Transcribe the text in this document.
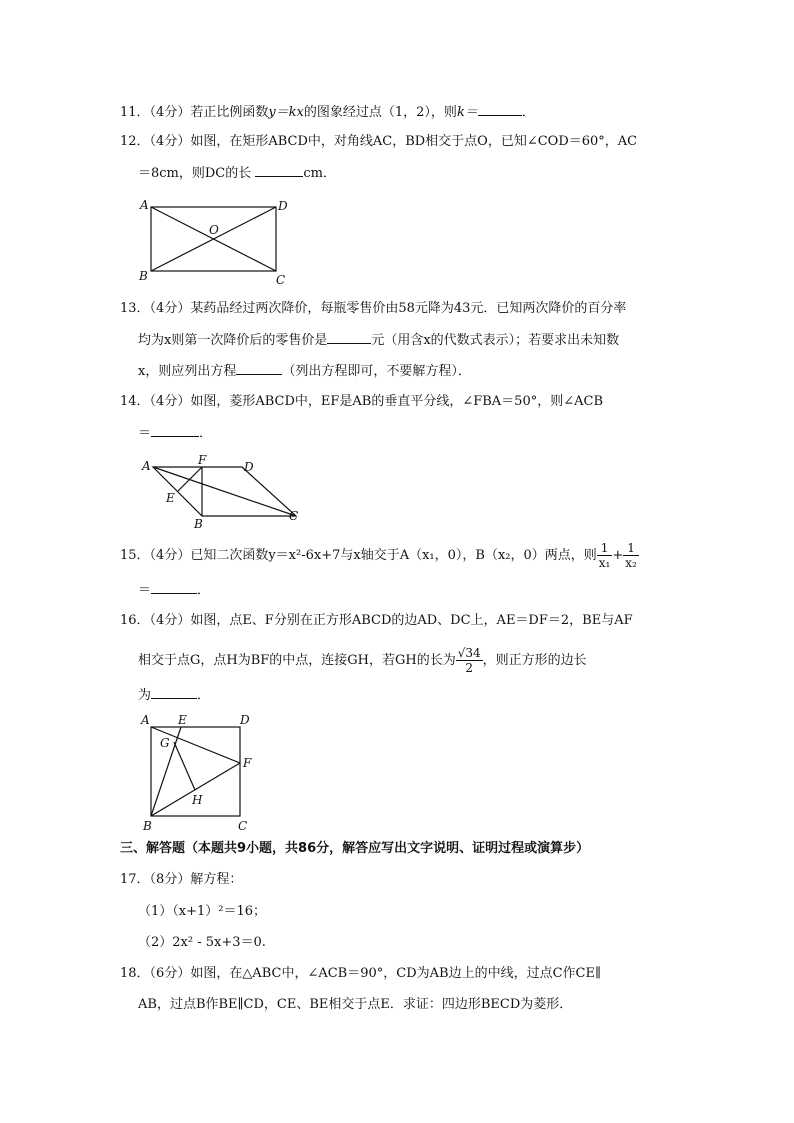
11．（4分）若正比例函数y＝kx的图象经过点（1，2），则k＝	．
12．（4分）如图，在矩形ABCD中，对角线AC，BD相交于点O，已知∠COD＝60°，AC
＝8cm，则DC的长	cm．
A	D
O
B	C
13．（4分）某药品经过两次降价，每瓶零售价由58元降为43元．已知两次降价的百分率
均为x则第一次降价后的零售价是	元（用含x的代数式表示）；若要求出未知数
x，则应列出方程	（列出方程即可，不要解方程）．
14．（4分）如图，菱形ABCD中，EF是AB的垂直平分线，∠FBA＝50°，则∠ACB
＝	．
A	F	D
E
B
C
15．（4分）已知二次函数y＝x²-6x+7与x轴交于A（x₁，0），B（x₂，0）两点，则 $\frac{1}{\text{x₁}} + \frac{1}{\text{x₂}}$
＝	．
16．（4分）如图，点E、F分别在正方形ABCD的边AD、DC上，AE＝DF＝2，BE与AF
相交于点G，点H为BF的中点，连接GH，若GH的长为 $\frac{√34}{2}$ ，则正方形的边长
为	．
A E	D
G
F
H
B	C
三、解答题（本题共9小题，共86分，解答应写出文字说明、证明过程或演算步）
17．（8分）解方程：
（1）（x+1）²＝16；
（2）2x² - 5x+3＝0.
18．（6分）如图，在△ABC中，∠ACB＝90°，CD为AB边上的中线，过点C作CE∥
AB，过点B作BE∥CD，CE、BE相交于点E．求证：四边形BECD为菱形．
